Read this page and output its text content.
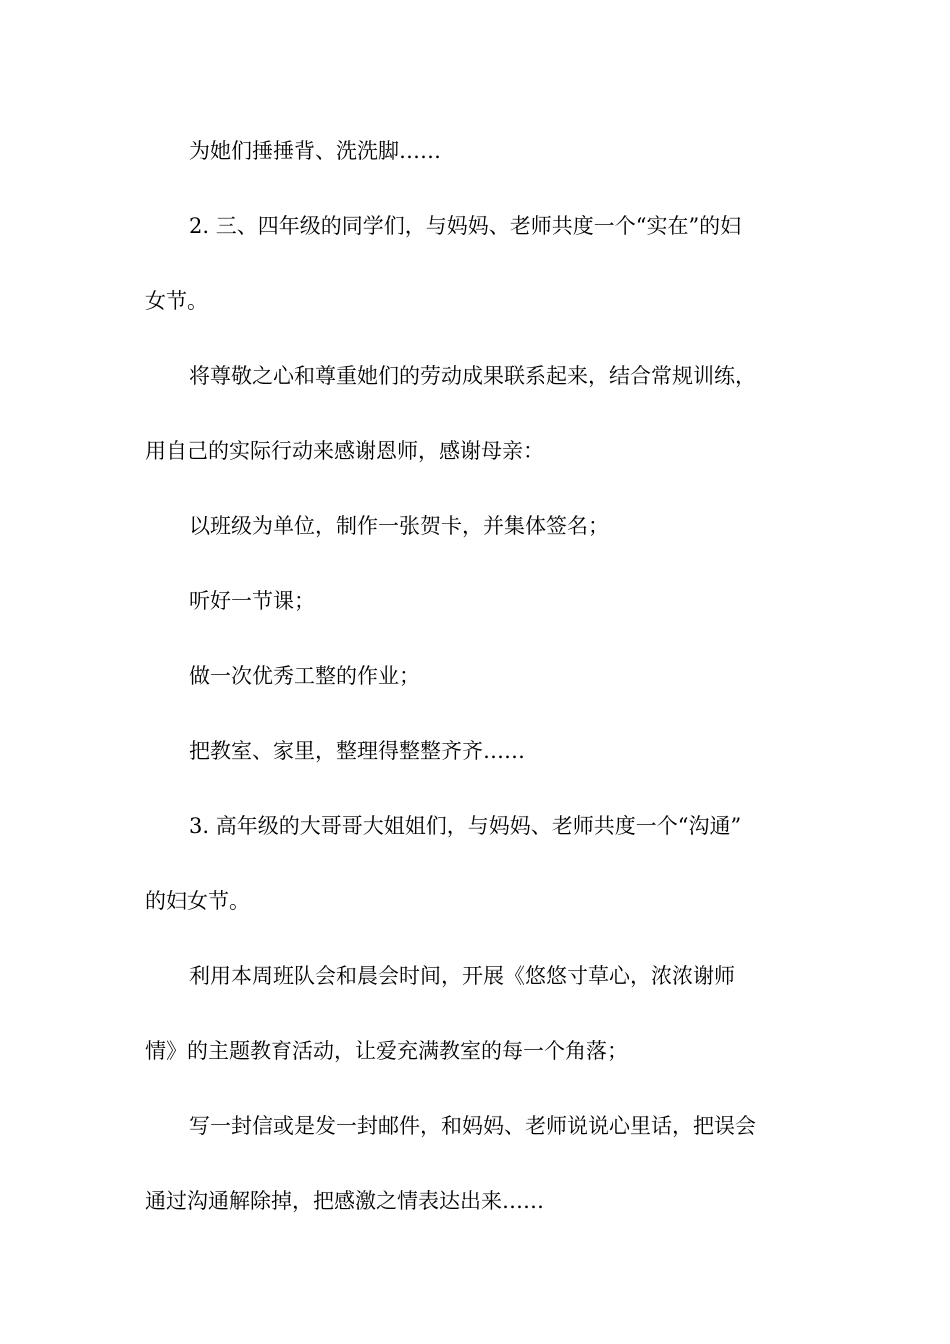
为她们捶捶背、洗洗脚……
2. 三、四年级的同学们，与妈妈、老师共度一个“实在”的妇
女节。
将尊敬之心和尊重她们的劳动成果联系起来，结合常规训练，
用自己的实际行动来感谢恩师，感谢母亲：
以班级为单位，制作一张贺卡，并集体签名；
听好一节课；
做一次优秀工整的作业；
把教室、家里，整理得整整齐齐……
3. 高年级的大哥哥大姐姐们，与妈妈、老师共度一个“沟通”
的妇女节。
利用本周班队会和晨会时间，开展《悠悠寸草心，浓浓谢师
情》的主题教育活动，让爱充满教室的每一个角落；
写一封信或是发一封邮件，和妈妈、老师说说心里话，把误会
通过沟通解除掉，把感激之情表达出来……
